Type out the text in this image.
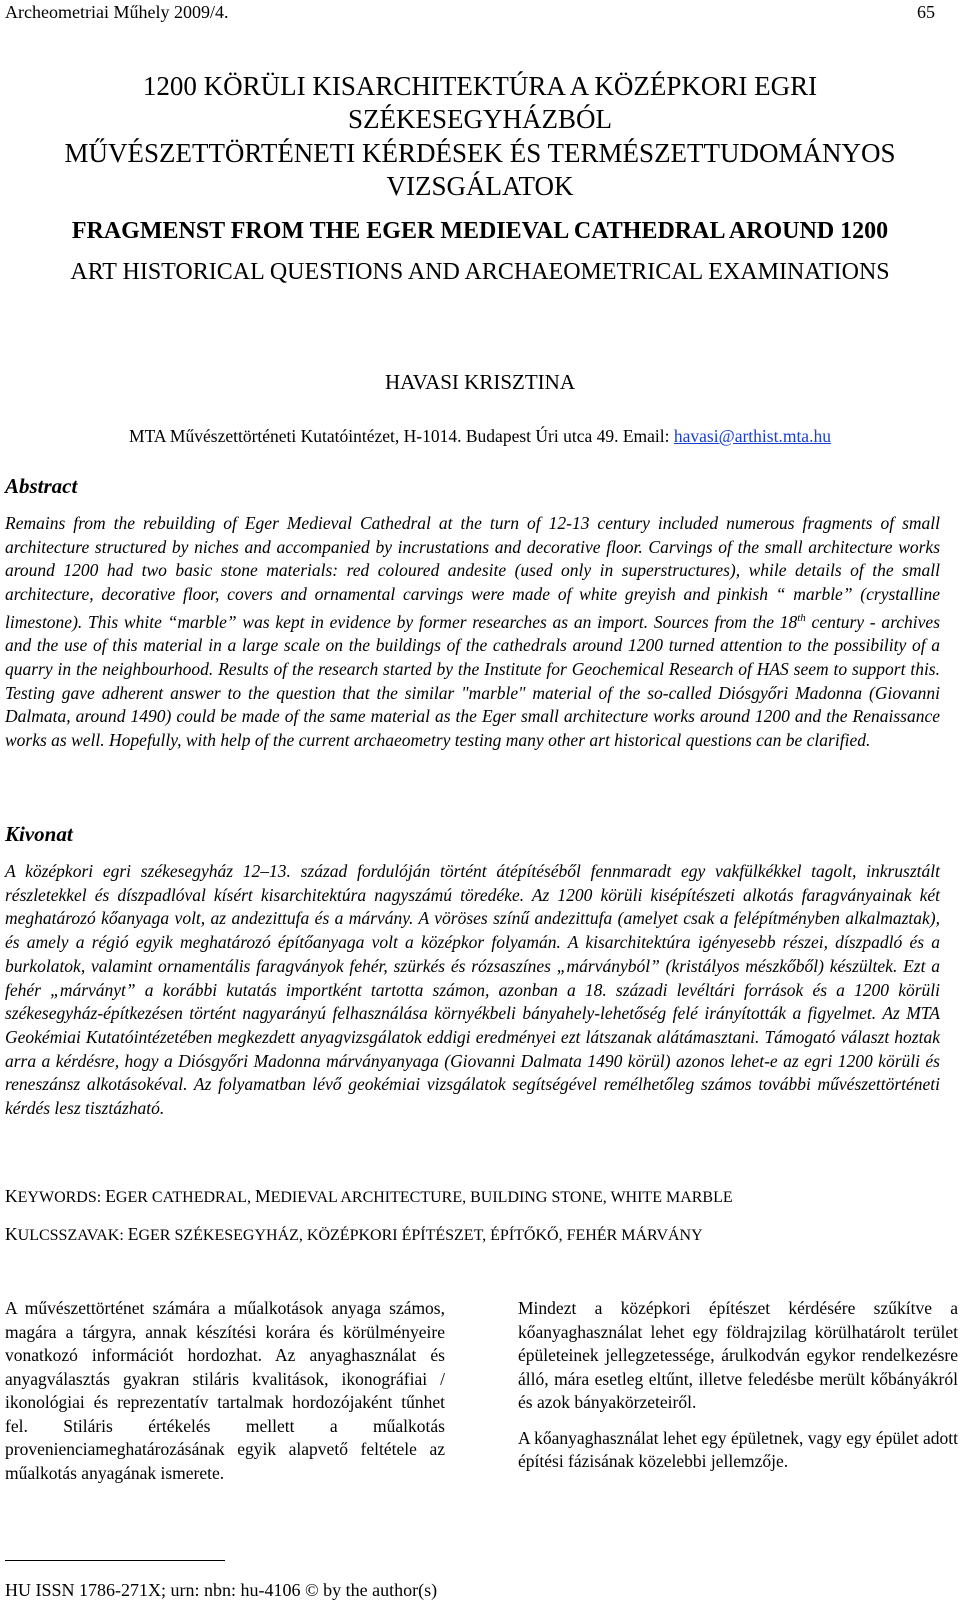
Archeometriai Műhely 2009/4.	65
1200 KÖRÜLI KISARCHITEKTÚRA A KÖZÉPKORI EGRI
SZÉKESEGYHÁZBÓL
MŰVÉSZETTÖRTÉNETI KÉRDÉSEK ÉS TERMÉSZETTUDOMÁNYOS
VIZSGÁLATOK
FRAGMENST FROM THE EGER MEDIEVAL CATHEDRAL AROUND 1200
ART HISTORICAL QUESTIONS AND ARCHAEOMETRICAL EXAMINATIONS
HAVASI KRISZTINA
MTA Művészettörténeti Kutatóintézet, H-1014. Budapest Úri utca 49. Email: havasi@arthist.mta.hu
Abstract
Remains from the rebuilding of Eger Medieval Cathedral at the turn of 12-13 century included numerous fragments of small architecture structured by niches and accompanied by incrustations and decorative floor. Carvings of the small architecture works around 1200 had two basic stone materials: red coloured andesite (used only in superstructures), while details of the small architecture, decorative floor, covers and ornamental carvings were made of white greyish and pinkish “ marble” (crystalline limestone). This white “marble” was kept in evidence by former researches as an import. Sources from the 18th century - archives and the use of this material in a large scale on the buildings of the cathedrals around 1200 turned attention to the possibility of a quarry in the neighbourhood. Results of the research started by the Institute for Geochemical Research of HAS seem to support this. Testing gave adherent answer to the question that the similar "marble" material of the so-called Diósgyőri Madonna (Giovanni Dalmata, around 1490) could be made of the same material as the Eger small architecture works around 1200 and the Renaissance works as well. Hopefully, with help of the current archaeometry testing many other art historical questions can be clarified.
Kivonat
A középkori egri székesegyház 12–13. század fordulóján történt átépítéséből fennmaradt egy vakfülkékkel tagolt, inkrusztált részletekkel és díszpadlóval kísért kisarchitektúra nagyszámú töredéke. Az 1200 körüli kisépítészeti alkotás faragványainak két meghatározó kőanyaga volt, az andezittufa és a márvány. A vöröses színű andezittufa (amelyet csak a felépítményben alkalmaztak), és amely a régió egyik meghatározó építőanyaga volt a középkor folyamán. A kisarchitektúra igényesebb részei, díszpadló és a burkolatok, valamint ornamentális faragványok fehér, szürkés és rózsaszínes „márványból” (kristályos mészkőből) készültek. Ezt a fehér „márványt” a korábbi kutatás importként tartotta számon, azonban a 18. századi levéltári források és a 1200 körüli székesegyház-építkezésen történt nagyarányú felhasználása környékbeli bányahely-lehetőség felé irányították a figyelmet. Az MTA Geokémiai Kutatóintézetében megkezdett anyagvizsgálatok eddigi eredményei ezt látszanak alátámasztani. Támogató választ hoztak arra a kérdésre, hogy a Diósgyőri Madonna márványanyaga (Giovanni Dalmata 1490 körül) azonos lehet-e az egri 1200 körüli és reneszánsz alkotásokéval. Az folyamatban lévő geokémiai vizsgálatok segítségével remélhetőleg számos további művészettörténeti kérdés lesz tisztázható.
KEYWORDS: EGER CATHEDRAL, MEDIEVAL ARCHITECTURE, BUILDING STONE, WHITE MARBLE
KULCSSZAVAK: EGER SZÉKESEGYHÁZ, KÖZÉPKORI ÉPÍTÉSZET, ÉPÍTŐKŐ, FEHÉR MÁRVÁNY

A művészettörténet számára a műalkotások anyaga számos, magára a tárgyra, annak készítési korára és körülményeire vonatkozó információt hordozhat. Az anyaghasználat és anyagválasztás gyakran stiláris kvalitások, ikonográfiai / ikonológiai és reprezentatív tartalmak hordozójaként tűnhet fel. Stiláris értékelés mellett a műalkotás provenienciameghatározásának egyik alapvető feltétele az műalkotás anyagának ismerete.

Mindezt a középkori építészet kérdésére szűkítve a kőanyaghasználat lehet egy földrajzilag körülhatárolt terület épületeinek jellegzetessége, árulkodván egykor rendelkezésre álló, mára esetleg eltűnt, illetve feledésbe merült kőbányákról és azok bányakörzeteiről.

A kőanyaghasználat lehet egy épületnek, vagy egy épület adott építési fázisának közelebbi jellemzője.

HU ISSN 1786-271X; urn: nbn: hu-4106 © by the author(s)
